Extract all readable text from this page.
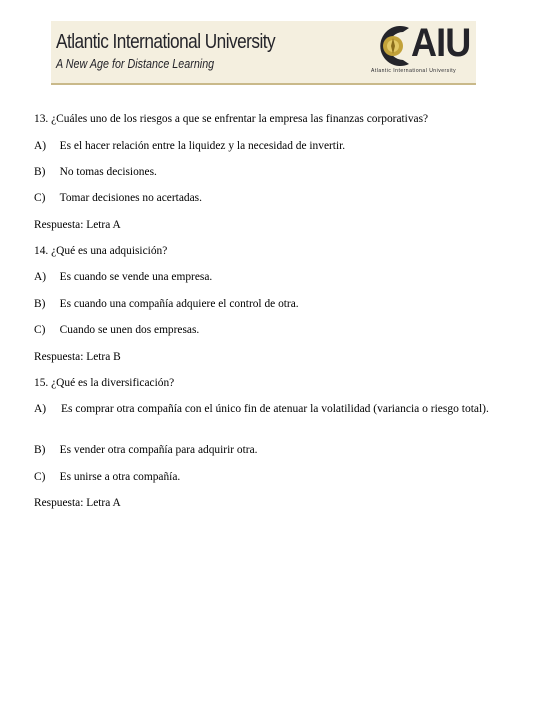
Atlantic International University
A New Age for Distance Learning	AIU
Atlantic International University
13. ¿Cuáles uno de los riesgos a que se enfrentar la empresa las finanzas corporativas?
A) Es el hacer relación entre la liquidez y la necesidad de invertir.
B) No tomas decisiones.
C) Tomar decisiones no acertadas.
Respuesta: Letra A
14. ¿Qué es una adquisición?
A) Es cuando se vende una empresa.
B) Es cuando una compañía adquiere el control de otra.
C) Cuando se unen dos empresas.
Respuesta: Letra B
15. ¿Qué es la diversificación?
A) Es comprar otra compañía con el único fin de atenuar la volatilidad (variancia o riesgo total).
B) Es vender otra compañía para adquirir otra.
C) Es unirse a otra compañía.
Respuesta: Letra A
